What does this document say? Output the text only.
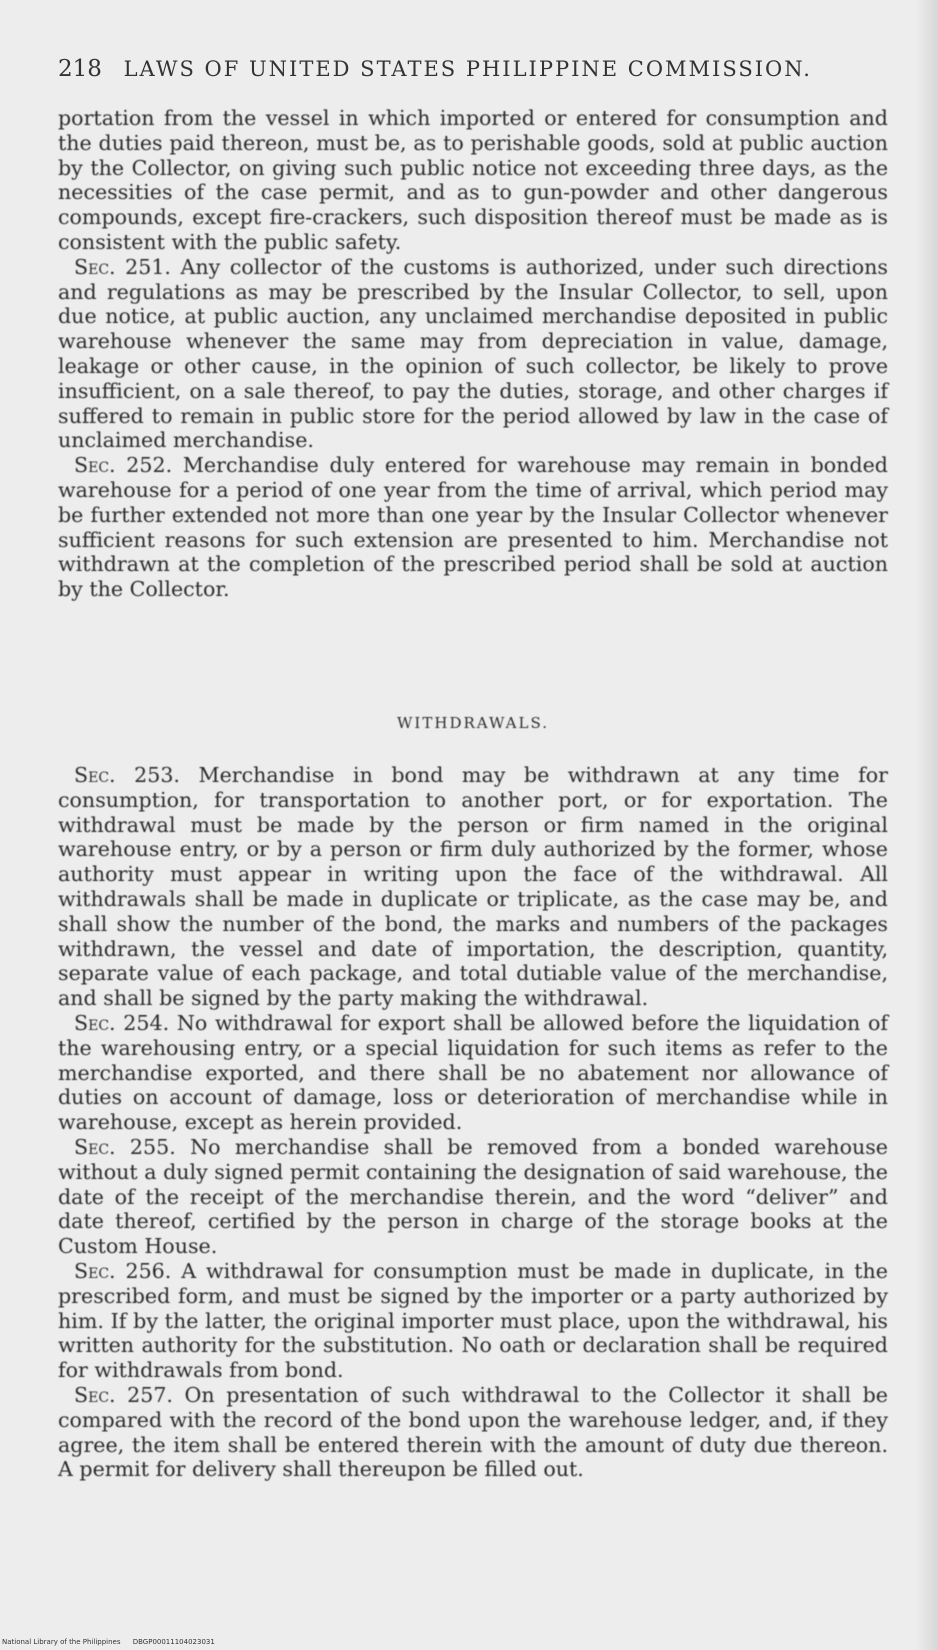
218 LAWS OF UNITED STATES PHILIPPINE COMMISSION.

portation from the vessel in which imported or entered for consumption and the duties paid thereon, must be, as to perishable goods, sold at public auction by the Collector, on giving such public notice not exceeding three days, as the necessities of the case permit, and as to gun-powder and other dangerous compounds, except fire-crackers, such disposition thereof must be made as is consistent with the public safety.

Sec. 251. Any collector of the customs is authorized, under such directions and regulations as may be prescribed by the Insular Collector, to sell, upon due notice, at public auction, any unclaimed merchandise deposited in public warehouse whenever the same may from depreciation in value, damage, leakage or other cause, in the opinion of such collector, be likely to prove insufficient, on a sale thereof, to pay the duties, storage, and other charges if suffered to remain in public store for the period allowed by law in the case of unclaimed merchandise.

Sec. 252. Merchandise duly entered for warehouse may remain in bonded warehouse for a period of one year from the time of arrival, which period may be further extended not more than one year by the Insular Collector whenever sufficient reasons for such extension are presented to him. Merchandise not withdrawn at the completion of the prescribed period shall be sold at auction by the Collector.

WITHDRAWALS.

Sec. 253. Merchandise in bond may be withdrawn at any time for consumption, for transportation to another port, or for exportation. The withdrawal must be made by the person or firm named in the original warehouse entry, or by a person or firm duly authorized by the former, whose authority must appear in writing upon the face of the withdrawal. All withdrawals shall be made in duplicate or triplicate, as the case may be, and shall show the number of the bond, the marks and numbers of the packages withdrawn, the vessel and date of importation, the description, quantity, separate value of each package, and total dutiable value of the merchandise, and shall be signed by the party making the withdrawal.

Sec. 254. No withdrawal for export shall be allowed before the liquidation of the warehousing entry, or a special liquidation for such items as refer to the merchandise exported, and there shall be no abatement nor allowance of duties on account of damage, loss or deterioration of merchandise while in warehouse, except as herein provided.

Sec. 255. No merchandise shall be removed from a bonded warehouse without a duly signed permit containing the designation of said warehouse, the date of the receipt of the merchandise therein, and the word “deliver” and date thereof, certified by the person in charge of the storage books at the Custom House.

Sec. 256. A withdrawal for consumption must be made in duplicate, in the prescribed form, and must be signed by the importer or a party authorized by him. If by the latter, the original importer must place, upon the withdrawal, his written authority for the substitution. No oath or declaration shall be required for withdrawals from bond.

Sec. 257. On presentation of such withdrawal to the Collector it shall be compared with the record of the bond upon the warehouse ledger, and, if they agree, the item shall be entered therein with the amount of duty due thereon. A permit for delivery shall thereupon be filled out.

National Library of the Philippines DBGP00011104023031
